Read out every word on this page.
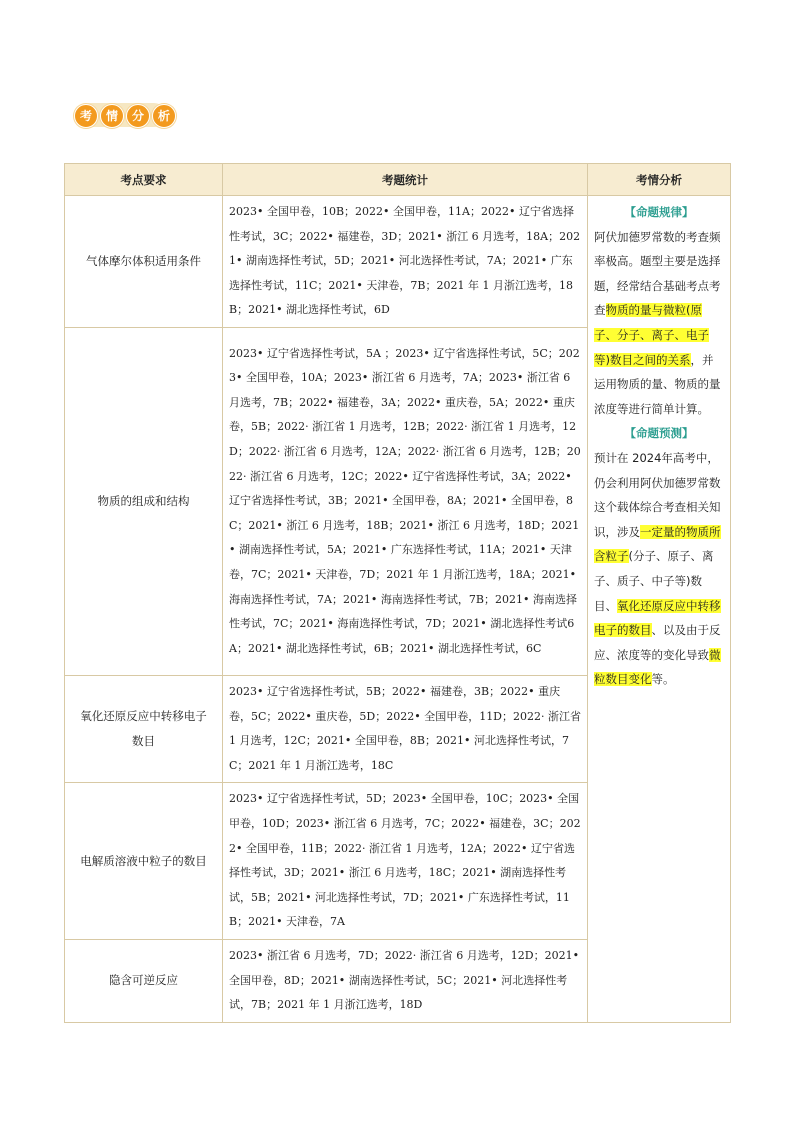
考	情	分	析
考点要求	考题统计	考情分析
气体摩尔体积适用条件	2023• 全国甲卷，10B；2022• 全国甲卷，11A；2022• 辽宁省选择性考试，3C；2022• 福建卷，3D；2021• 浙江 6 月选考，18A；2021• 湖南选择性考试，5D；2021• 河北选择性考试，7A；2021• 广东选择性考试，11C；2021• 天津卷，7B；2021 年 1 月浙江选考，18B；2021• 湖北选择性考试，6D	【命题规律】
阿伏加德罗常数的考查频率极高。题型主要是选择题，经常结合基础考点考查物质的量与微粒(原子、分子、离子、电子等)数目之间的关系，并运用物质的量、物质的量浓度等进行简单计算。
【命题预测】
预计在 2024年高考中，仍会利用阿伏加德罗常数这个载体综合考查相关知识，涉及一定量的物质所含粒子(分子、原子、离子、质子、中子等)数目、氧化还原反应中转移电子的数目、以及由于反应、浓度等的变化导致微粒数目变化等。

物质的组成和结构	2023• 辽宁省选择性考试，5A ；2023• 辽宁省选择性考试，5C；2023• 全国甲卷，10A；2023• 浙江省 6 月选考，7A；2023• 浙江省 6 月选考，7B；2022• 福建卷，3A；2022• 重庆卷，5A；2022• 重庆卷，5B；2022· 浙江省 1 月选考，12B；2022· 浙江省 1 月选考，12D；2022· 浙江省 6 月选考，12A；2022· 浙江省 6 月选考，12B；2022· 浙江省 6 月选考，12C；2022• 辽宁省选择性考试，3A；2022• 辽宁省选择性考试，3B；2021• 全国甲卷，8A；2021• 全国甲卷，8C；2021• 浙江 6 月选考，18B；2021• 浙江 6 月选考，18D；2021• 湖南选择性考试，5A；2021• 广东选择性考试，11A；2021• 天津卷，7C；2021• 天津卷，7D；2021 年 1 月浙江选考，18A；2021• 海南选择性考试，7A；2021• 海南选择性考试，7B；2021• 海南选择性考试，7C；2021• 海南选择性考试，7D；2021• 湖北选择性考试6A；2021• 湖北选择性考试，6B；2021• 湖北选择性考试，6C	
氧化还原反应中转移电子数目	2023• 辽宁省选择性考试，5B；2022• 福建卷，3B；2022• 重庆卷，5C；2022• 重庆卷，5D；2022• 全国甲卷，11D；2022· 浙江省 1 月选考，12C；2021• 全国甲卷，8B；2021• 河北选择性考试，7C；2021 年 1 月浙江选考，18C	
电解质溶液中粒子的数目	2023• 辽宁省选择性考试，5D；2023• 全国甲卷，10C；2023• 全国甲卷，10D；2023• 浙江省 6 月选考，7C；2022• 福建卷，3C；2022• 全国甲卷，11B；2022· 浙江省 1 月选考，12A；2022• 辽宁省选择性考试，3D；2021• 浙江 6 月选考，18C；2021• 湖南选择性考试，5B；2021• 河北选择性考试，7D；2021• 广东选择性考试，11B；2021• 天津卷，7A	
隐含可逆反应	2023• 浙江省 6 月选考，7D；2022· 浙江省 6 月选考，12D；2021• 全国甲卷，8D；2021• 湖南选择性考试，5C；2021• 河北选择性考试，7B；2021 年 1 月浙江选考，18D	
